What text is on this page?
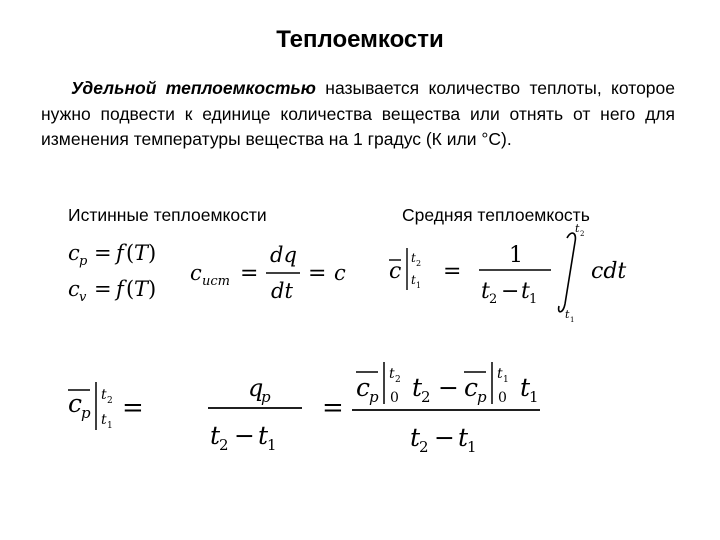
Теплоемкости
Удельной теплоемкостью называется количество теплоты, которое нужно подвести к единице количества вещества или отнять от него для изменения температуры вещества на 1 градус (К или °С).
Истинные теплоемкости	Средняя теплоемкость
c p = f ( T )
c v = f ( T )
c ист =
dq
dt
= c c
t 2
t 1
=
1
t 2 − t 1
t 2
t 1
cdt
c
p
t 2
t 1
=
q
p
t
2 − t
1
=
c
p
t 2
0 t
2 − c
p
t 1
0 t
1
t
2 − t
1
